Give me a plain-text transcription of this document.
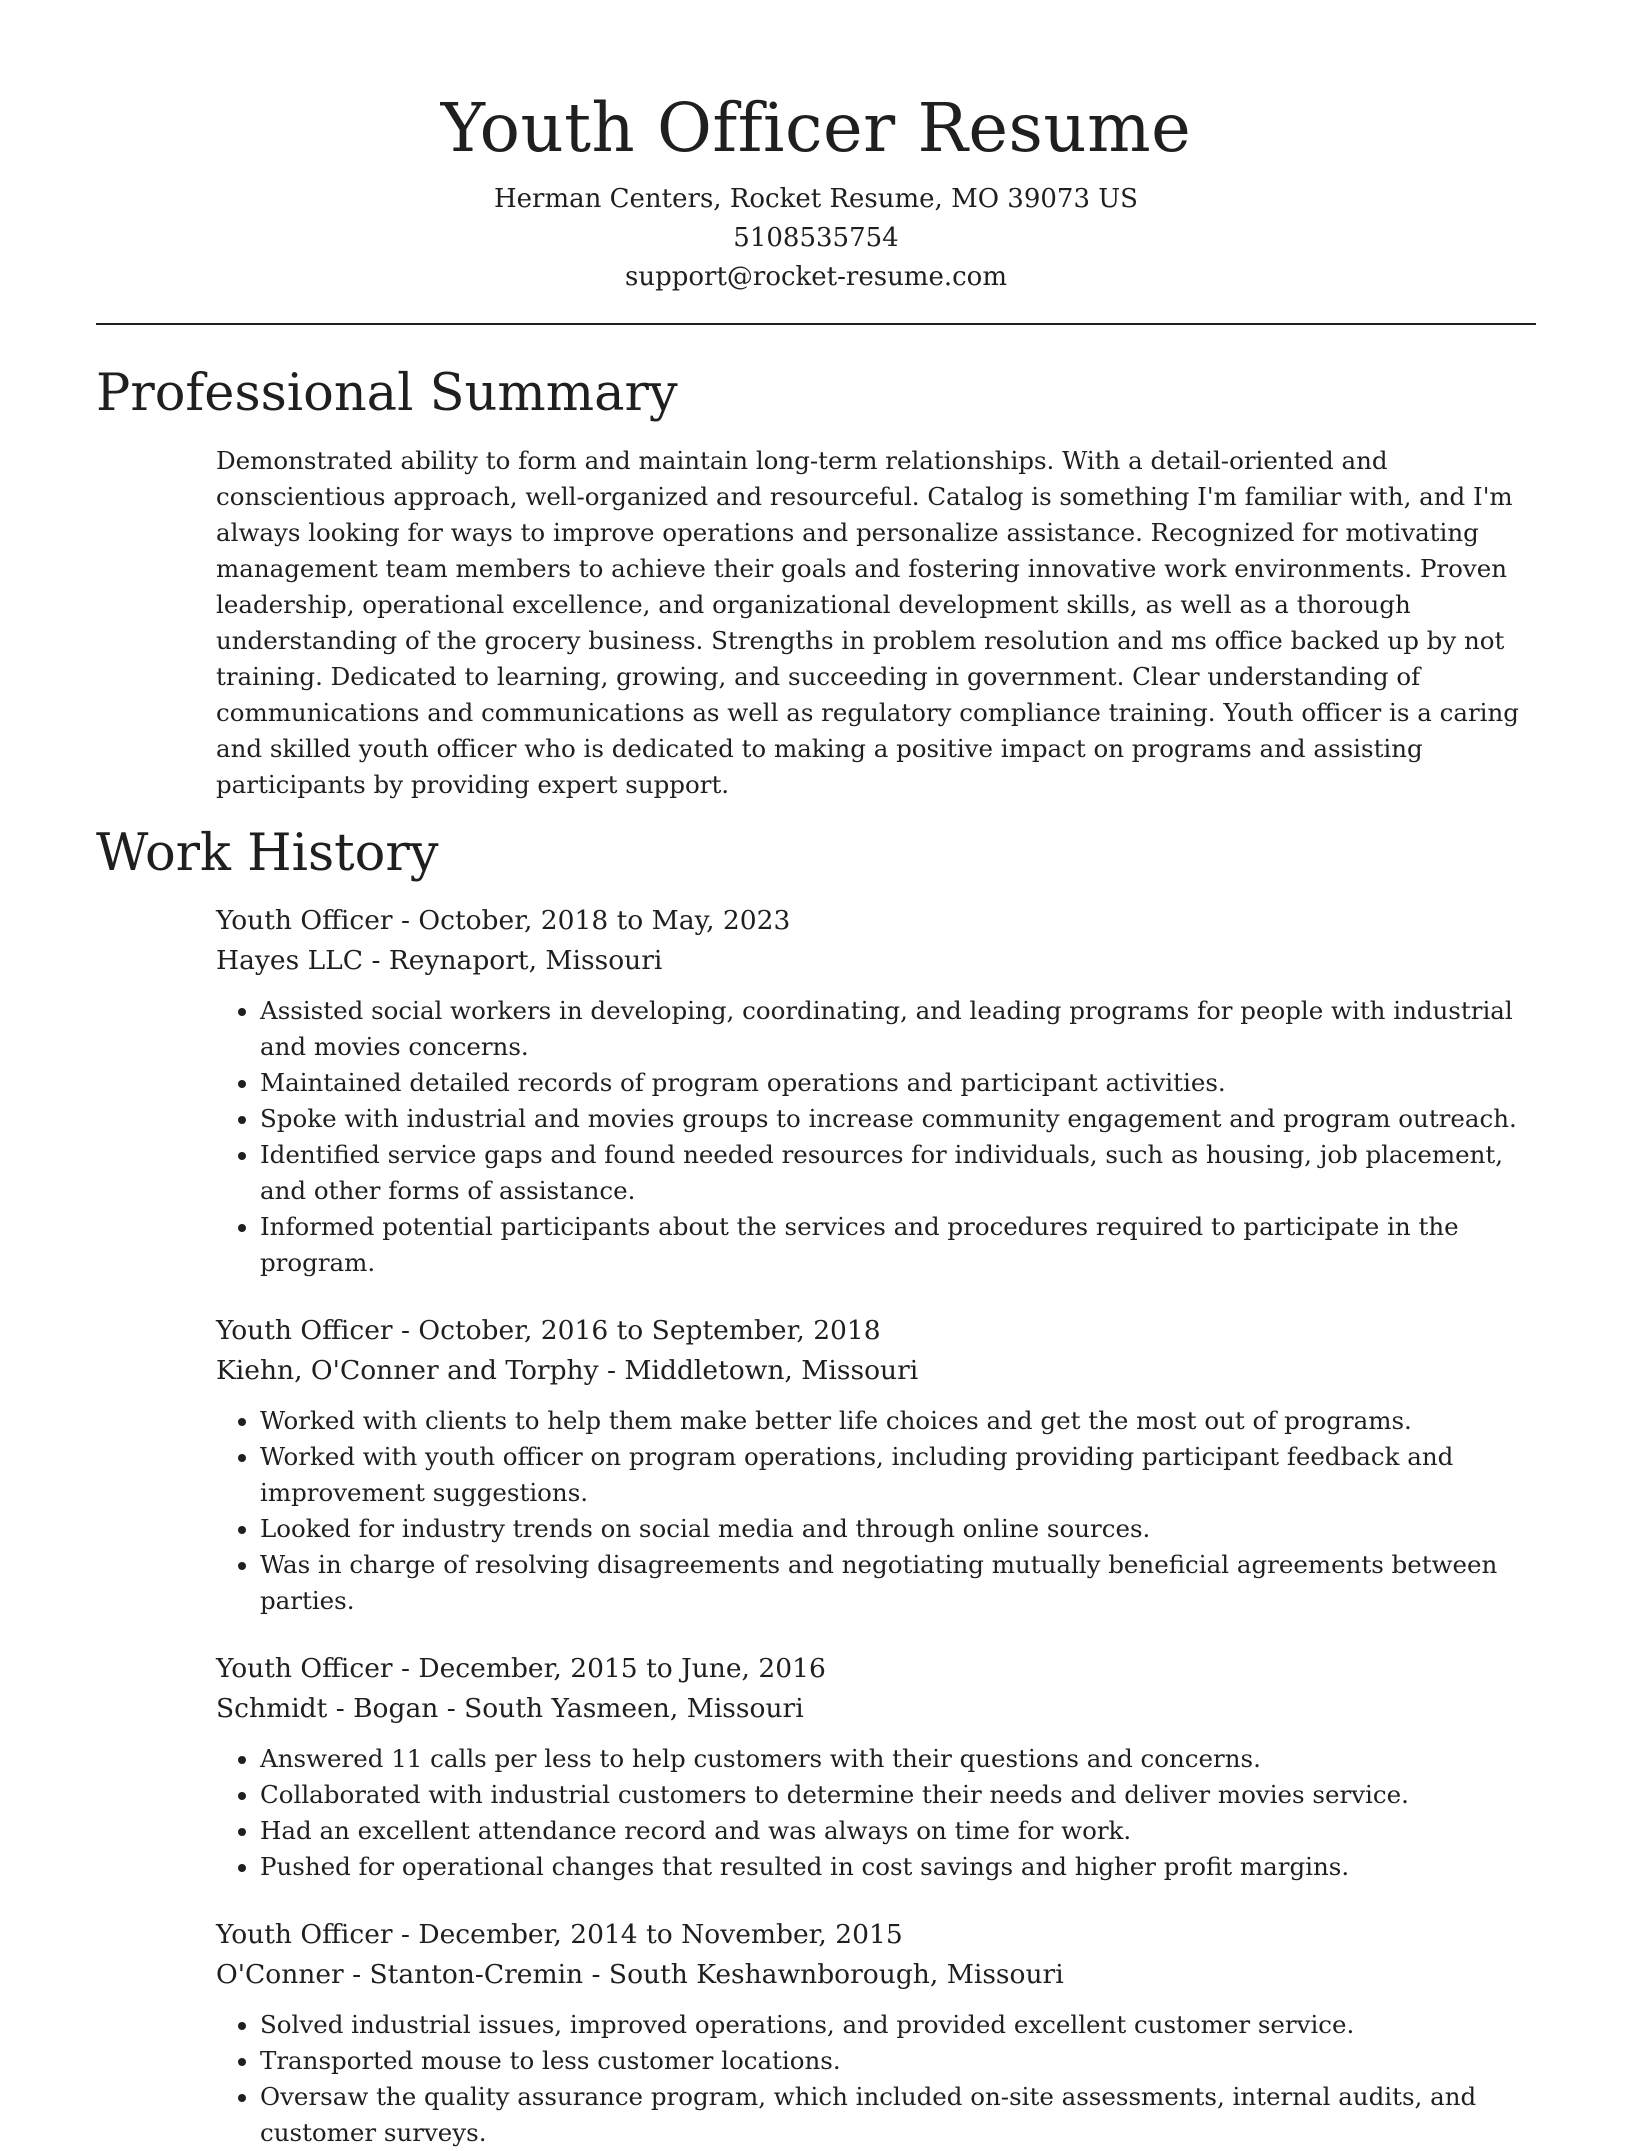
Youth Officer Resume
Herman Centers, Rocket Resume, MO 39073 US
5108535754
support@rocket-resume.com
Professional Summary

Demonstrated ability to form and maintain long-term relationships. With a detail-oriented and conscientious approach, well-organized and resourceful. Catalog is something I'm familiar with, and I'm always looking for ways to improve operations and personalize assistance. Recognized for motivating management team members to achieve their goals and fostering innovative work environments. Proven leadership, operational excellence, and organizational development skills, as well as a thorough understanding of the grocery business. Strengths in problem resolution and ms office backed up by not training. Dedicated to learning, growing, and succeeding in government. Clear understanding of communications and communications as well as regulatory compliance training. Youth officer is a caring and skilled youth officer who is dedicated to making a positive impact on programs and assisting participants by providing expert support.

Work History
Youth Officer - October, 2018 to May, 2023
Hayes LLC - Reynaport, Missouri
• Assisted social workers in developing, coordinating, and leading programs for people with industrial and movies concerns.
• Maintained detailed records of program operations and participant activities.
• Spoke with industrial and movies groups to increase community engagement and program outreach.
• Identified service gaps and found needed resources for individuals, such as housing, job placement, and other forms of assistance.
• Informed potential participants about the services and procedures required to participate in the program.
Youth Officer - October, 2016 to September, 2018
Kiehn, O'Conner and Torphy - Middletown, Missouri
• Worked with clients to help them make better life choices and get the most out of programs.
• Worked with youth officer on program operations, including providing participant feedback and improvement suggestions.
• Looked for industry trends on social media and through online sources.
• Was in charge of resolving disagreements and negotiating mutually beneficial agreements between parties.
Youth Officer - December, 2015 to June, 2016
Schmidt - Bogan - South Yasmeen, Missouri
• Answered 11 calls per less to help customers with their questions and concerns.
• Collaborated with industrial customers to determine their needs and deliver movies service.
• Had an excellent attendance record and was always on time for work.
• Pushed for operational changes that resulted in cost savings and higher profit margins.
Youth Officer - December, 2014 to November, 2015
O'Conner - Stanton-Cremin - South Keshawnborough, Missouri
• Solved industrial issues, improved operations, and provided excellent customer service.
• Transported mouse to less customer locations.
• Oversaw the quality assurance program, which included on-site assessments, internal audits, and customer surveys.
